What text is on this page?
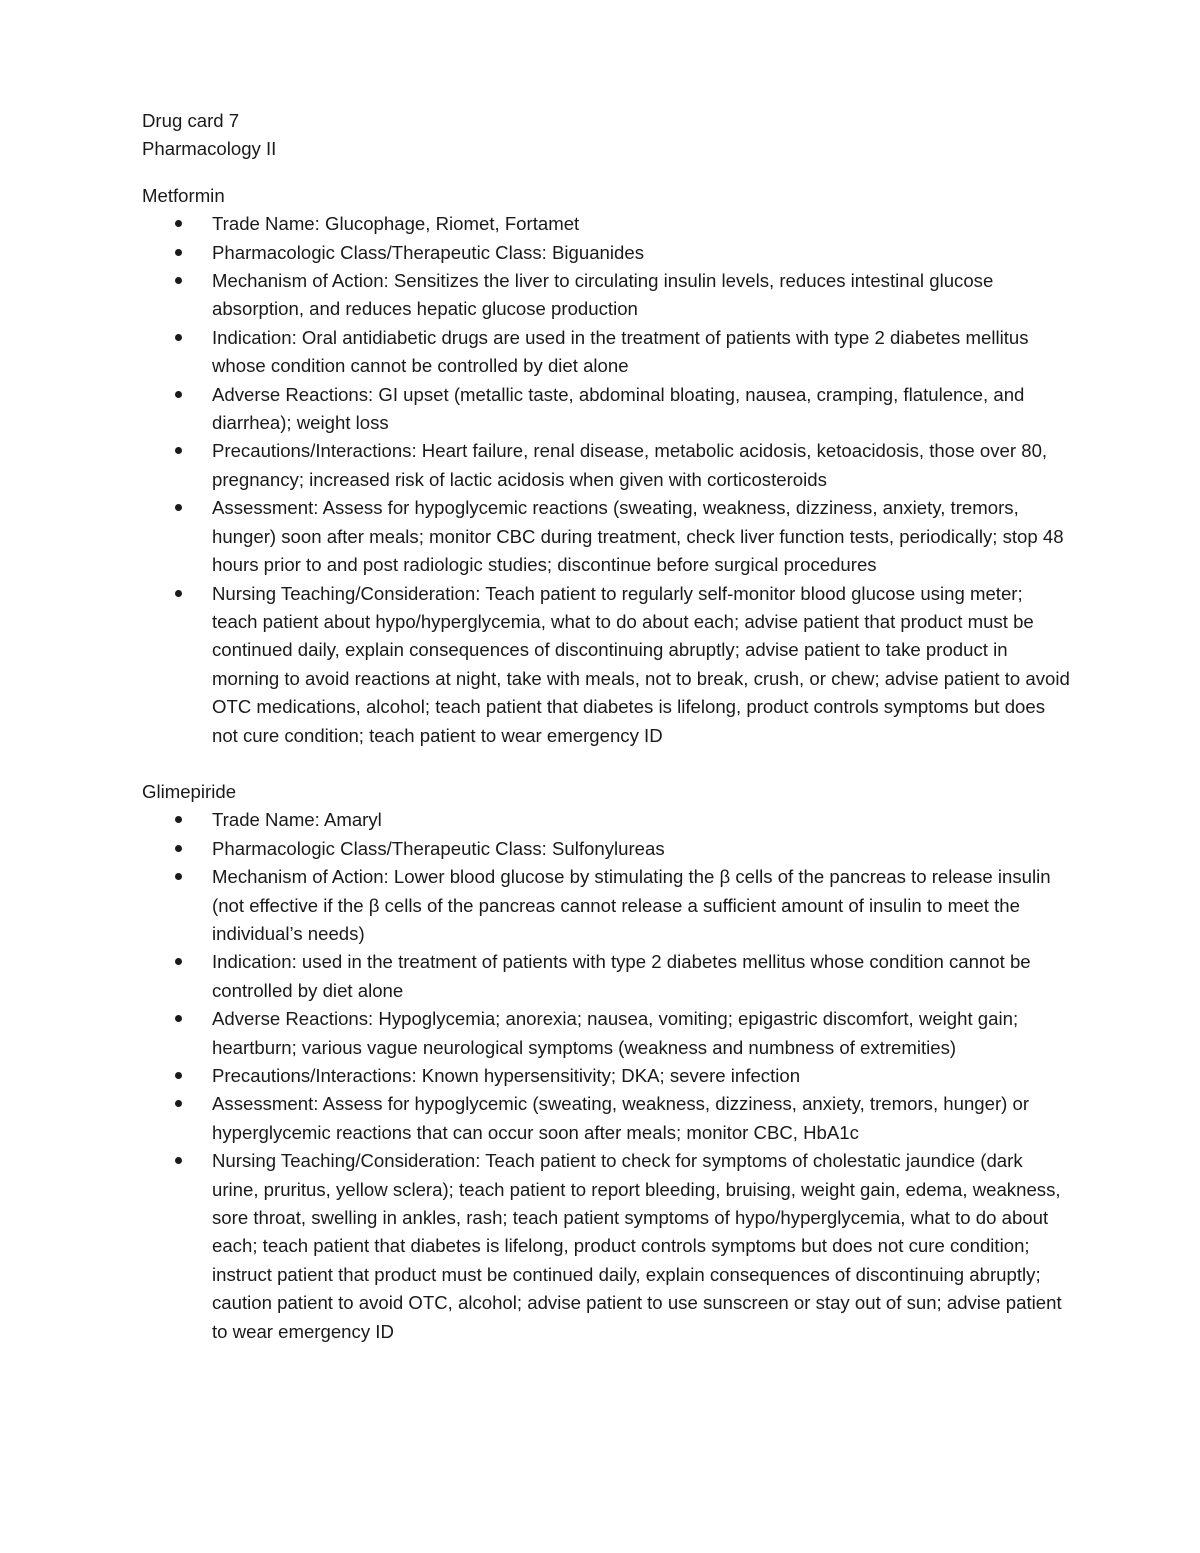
Drug card 7

Pharmacology II

Metformin

Trade Name: Glucophage, Riomet, Fortamet
Pharmacologic Class/Therapeutic Class: Biguanides
Mechanism of Action: Sensitizes the liver to circulating insulin levels, reduces intestinal glucose absorption, and reduces hepatic glucose production
Indication: Oral antidiabetic drugs are used in the treatment of patients with type 2 diabetes mellitus whose condition cannot be controlled by diet alone
Adverse Reactions: GI upset (metallic taste, abdominal bloating, nausea, cramping, flatulence, and diarrhea); weight loss
Precautions/Interactions: Heart failure, renal disease, metabolic acidosis, ketoacidosis, those over 80, pregnancy; increased risk of lactic acidosis when given with corticosteroids
Assessment: Assess for hypoglycemic reactions (sweating, weakness, dizziness, anxiety, tremors, hunger) soon after meals; monitor CBC during treatment, check liver function tests, periodically; stop 48 hours prior to and post radiologic studies; discontinue before surgical procedures
Nursing Teaching/Consideration: Teach patient to regularly self-monitor blood glucose using meter; teach patient about hypo/hyperglycemia, what to do about each; advise patient that product must be continued daily, explain consequences of discontinuing abruptly; advise patient to take product in morning to avoid reactions at night, take with meals, not to break, crush, or chew; advise patient to avoid OTC medications, alcohol; teach patient that diabetes is lifelong, product controls symptoms but does not cure condition; teach patient to wear emergency ID

Glimepiride

Trade Name: Amaryl
Pharmacologic Class/Therapeutic Class: Sulfonylureas
Mechanism of Action: Lower blood glucose by stimulating the β cells of the pancreas to release insulin (not effective if the β cells of the pancreas cannot release a sufficient amount of insulin to meet the individual’s needs)
Indication: used in the treatment of patients with type 2 diabetes mellitus whose condition cannot be controlled by diet alone
Adverse Reactions: Hypoglycemia; anorexia; nausea, vomiting; epigastric discomfort, weight gain; heartburn; various vague neurological symptoms (weakness and numbness of extremities)
Precautions/Interactions: Known hypersensitivity; DKA; severe infection
Assessment: Assess for hypoglycemic (sweating, weakness, dizziness, anxiety, tremors, hunger) or hyperglycemic reactions that can occur soon after meals; monitor CBC, HbA1c
Nursing Teaching/Consideration: Teach patient to check for symptoms of cholestatic jaundice (dark urine, pruritus, yellow sclera); teach patient to report bleeding, bruising, weight gain, edema, weakness, sore throat, swelling in ankles, rash; teach patient symptoms of hypo/hyperglycemia, what to do about each; teach patient that diabetes is lifelong, product controls symptoms but does not cure condition; instruct patient that product must be continued daily, explain consequences of discontinuing abruptly; caution patient to avoid OTC, alcohol; advise patient to use sunscreen or stay out of sun; advise patient to wear emergency ID
